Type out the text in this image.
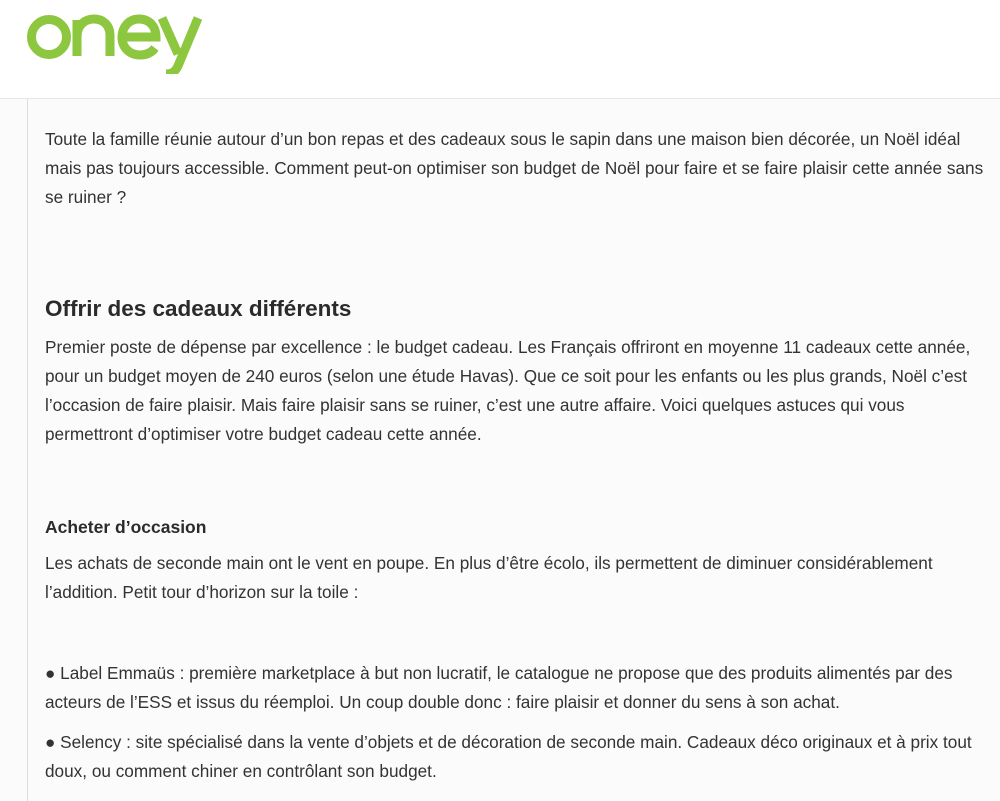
Toute la famille réunie autour d’un bon repas et des cadeaux sous le sapin dans une maison bien décorée, un Noël idéal mais pas toujours accessible. Comment peut-on optimiser son budget de Noël pour faire et se faire plaisir cette année sans se ruiner ?

Offrir des cadeaux différents

Premier poste de dépense par excellence : le budget cadeau. Les Français offriront en moyenne 11 cadeaux cette année, pour un budget moyen de 240 euros (selon une étude Havas). Que ce soit pour les enfants ou les plus grands, Noël c’est l’occasion de faire plaisir. Mais faire plaisir sans se ruiner, c’est une autre affaire. Voici quelques astuces qui vous permettront d’optimiser votre budget cadeau cette année.

Acheter d’occasion

Les achats de seconde main ont le vent en poupe. En plus d’être écolo, ils permettent de diminuer considérablement l’addition. Petit tour d’horizon sur la toile :

● Label Emmaüs : première marketplace à but non lucratif, le catalogue ne propose que des produits alimentés par des acteurs de l’ESS et issus du réemploi. Un coup double donc : faire plaisir et donner du sens à son achat.

● Selency : site spécialisé dans la vente d’objets et de décoration de seconde main. Cadeaux déco originaux et à prix tout doux, ou comment chiner en contrôlant son budget.
